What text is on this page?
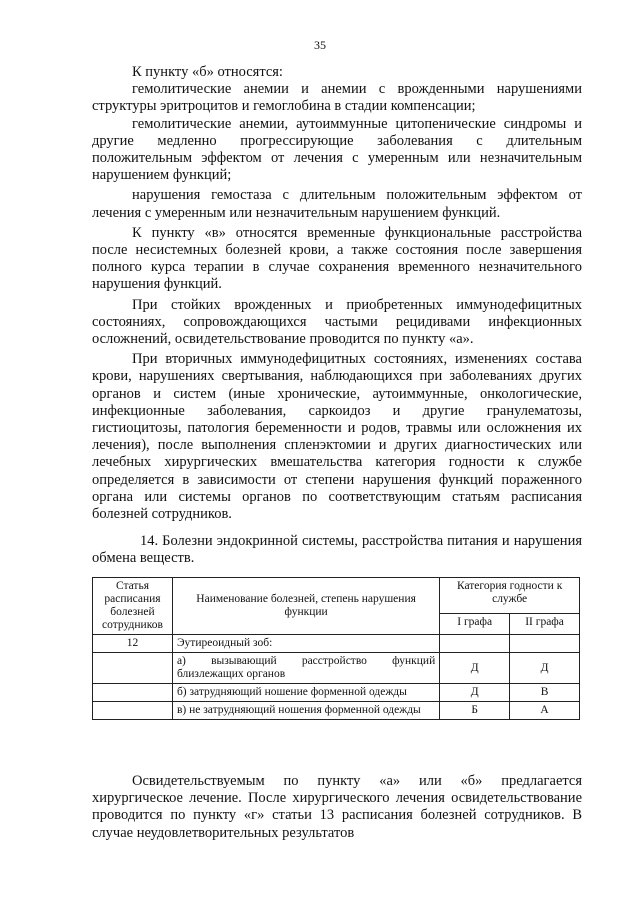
35

К пункту «б» относятся:

гемолитические анемии и анемии с врожденными нарушениями структуры эритроцитов и гемоглобина в стадии компенсации;

гемолитические анемии, аутоиммунные цитопенические синдромы и другие медленно прогрессирующие заболевания с длительным положительным эффектом от лечения с умеренным или незначительным нарушением функций;

нарушения гемостаза с длительным положительным эффектом от лечения с умеренным или незначительным нарушением функций.

К пункту «в» относятся временные функциональные расстройства после несистемных болезней крови, а также состояния после завершения полного курса терапии в случае сохранения временного незначительного нарушения функций.

При стойких врожденных и приобретенных иммунодефицитных состояниях, сопровождающихся частыми рецидивами инфекционных осложнений, освидетельствование проводится по пункту «а».

При вторичных иммунодефицитных состояниях, изменениях состава крови, нарушениях свертывания, наблюдающихся при заболеваниях других органов и систем (иные хронические, аутоиммунные, онкологические, инфекционные заболевания, саркоидоз и другие гранулематозы, гистиоцитозы, патология беременности и родов, травмы или осложнения их лечения), после выполнения спленэктомии и других диагностических или лечебных хирургических вмешательства категория годности к службе определяется в зависимости от степени нарушения функций пораженного органа или системы органов по соответствующим статьям расписания болезней сотрудников.

14. Болезни эндокринной системы, расстройства питания и нарушения обмена веществ.

Статья расписания болезней сотрудников	Наименование болезней, степень нарушения функции	Категория годности к службе	
		I графа	II графа
12	Эутиреоидный зоб:		

	а) вызывающий расстройство функций близлежащих органов	Д	Д

	б) затрудняющий ношение форменной одежды	Д	В

	в) не затрудняющий ношения форменной одежды	Б	А

Освидетельствуемым по пункту «а» или «б» предлагается хирургическое лечение. После хирургического лечения освидетельствование проводится по пункту «г» статьи 13 расписания болезней сотрудников. В случае неудовлетворительных результатов
